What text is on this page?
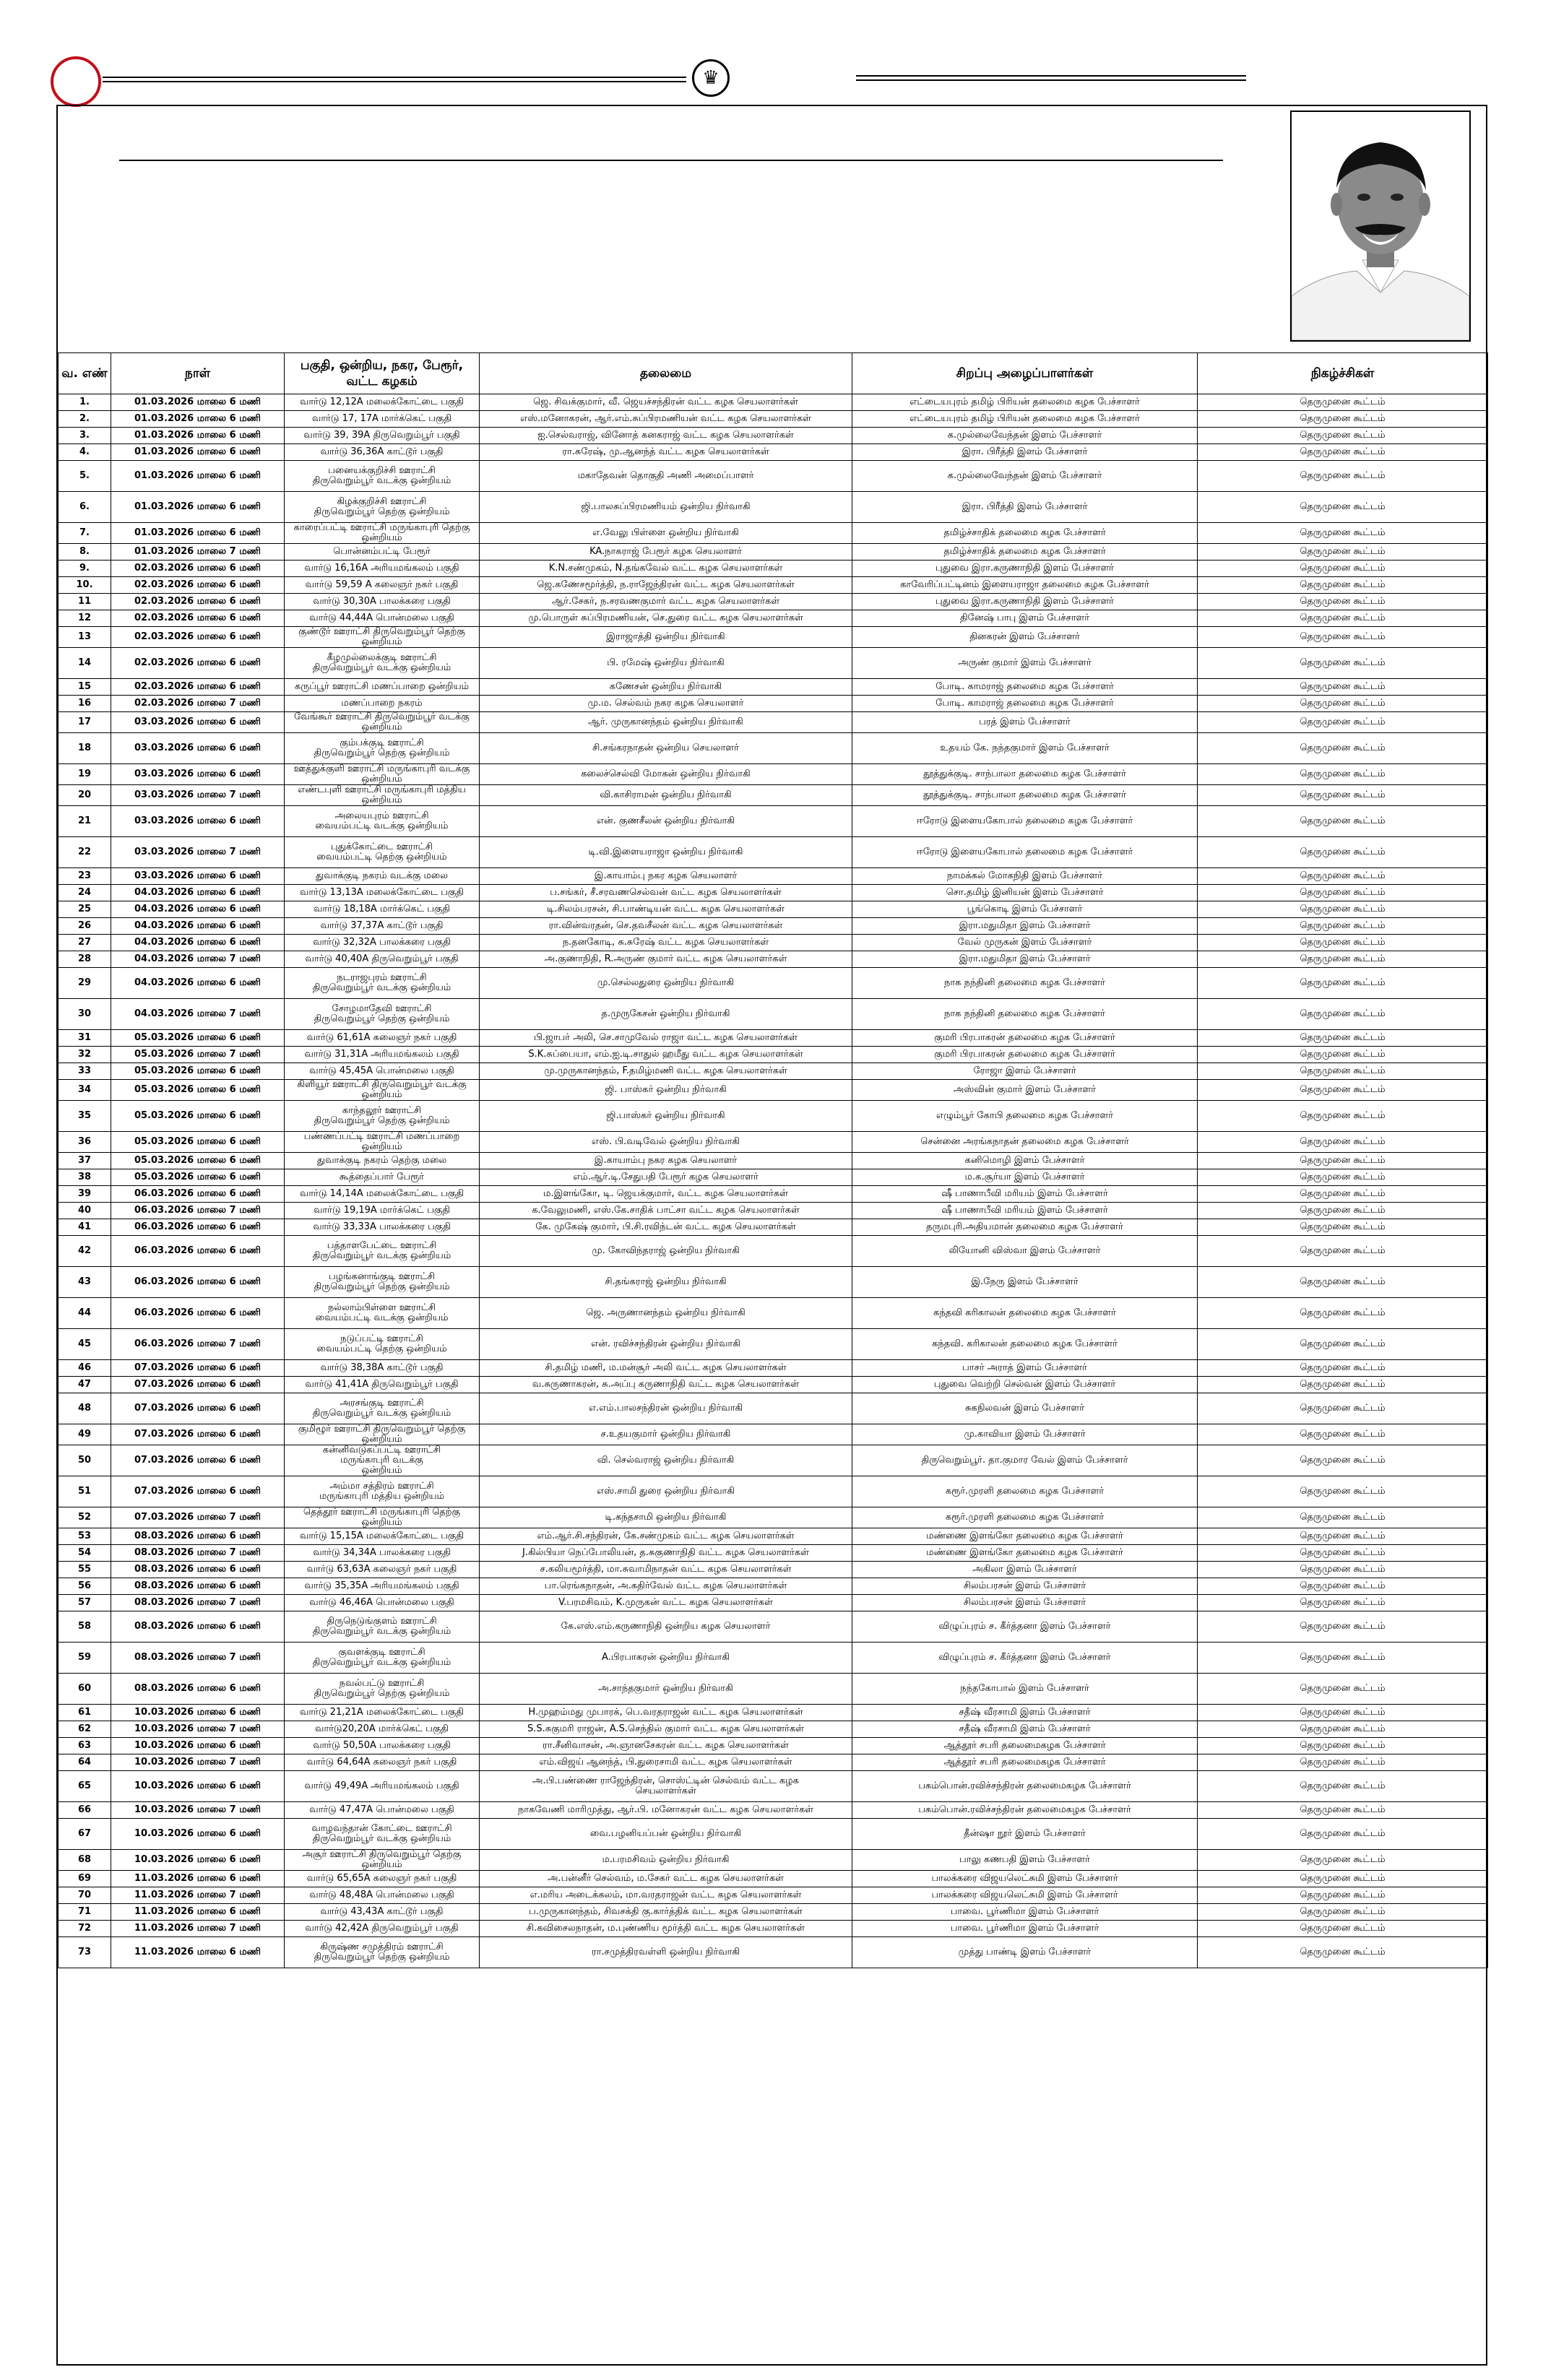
♛
வ. எண்	நாள்	பகுதி, ஒன்றிய, நகர, பேரூர், வட்ட கழகம்	தலைமை	சிறப்பு அழைப்பாளர்கள்	நிகழ்ச்சிகள்
1.	01.03.2026 மாலை 6 மணி	வார்டு 12,12A மலைக்கோட்டை பகுதி	ஜெ. சிவக்குமார், வீ. ஜெயச்சந்திரன் வட்ட கழக செயலாளர்கள்	எட்டையபுரம் தமிழ் பிரியன் தலைமை கழக பேச்சாளர்	தெருமுனை கூட்டம்
2.	01.03.2026 மாலை 6 மணி	வார்டு 17, 17A மார்க்கெட் பகுதி	எஸ்.மனோகரன், ஆர்.எம்.சுப்பிரமணியன் வட்ட கழக செயலாளர்கள்	எட்டையபுரம் தமிழ் பிரியன் தலைமை கழக பேச்சாளர்	தெருமுனை கூட்டம்
3.	01.03.2026 மாலை 6 மணி	வார்டு 39, 39A திருவெறும்பூர் பகுதி	ஐ.செல்வராஜ், வினோத் கனகராஜ் வட்ட கழக செயலாளர்கள்	க.முல்லைவேந்தன் இளம் பேச்சாளர்	தெருமுனை கூட்டம்
4.	01.03.2026 மாலை 6 மணி	வார்டு 36,36A காட்டூர் பகுதி	ரா.சுரேஷ், மு.ஆனந்த் வட்ட கழக செயலாளர்கள்	இரா. பிரீத்தி இளம் பேச்சாளர்	தெருமுனை கூட்டம்
5.	01.03.2026 மாலை 6 மணி	பனையக்குறிச்சி ஊராட்சி
திருவெறும்பூர் வடக்கு ஒன்றியம்	மகாதேவன் தொகுதி அணி அமைப்பாளர்	க.முல்லைவேந்தன் இளம் பேச்சாளர்	தெருமுனை கூட்டம்
6.	01.03.2026 மாலை 6 மணி	கிழக்குறிச்சி ஊராட்சி
திருவெறும்பூர் தெற்கு ஒன்றியம்	ஜி.பாலசுப்பிரமணியம் ஒன்றிய நிர்வாகி	இரா. பிரீத்தி இளம் பேச்சாளர்	தெருமுனை கூட்டம்
7.	01.03.2026 மாலை 6 மணி	காரைப்பட்டி ஊராட்சி மருங்காபுரி தெற்கு ஒன்றியம்	எ.வேலு பிள்ளை ஒன்றிய நிர்வாகி	தமிழ்ச்சாதிக் தலைமை கழக பேச்சாளர்	தெருமுனை கூட்டம்
8.	01.03.2026 மாலை 7 மணி	பொன்னம்பட்டி பேரூர்	KA.நாகராஜ் பேரூர் கழக செயலாளர்	தமிழ்ச்சாதிக் தலைமை கழக பேச்சாளர்	தெருமுனை கூட்டம்
9.	02.03.2026 மாலை 6 மணி	வார்டு 16,16A அரியமங்கலம் பகுதி	K.N.சண்முகம், N.தங்கவேல் வட்ட கழக செயலாளர்கள்	புதுவை இரா.கருணாநிதி இளம் பேச்சாளர்	தெருமுனை கூட்டம்
10.	02.03.2026 மாலை 6 மணி	வார்டு 59,59 A கலைஞர் நகர் பகுதி	ஜெ.கணேசமூர்த்தி, ந.ராஜேந்திரன் வட்ட கழக செயலாளர்கள்	காவேரிப்பட்டினம் இளையராஜா தலைமை கழக பேச்சாளர்	தெருமுனை கூட்டம்
11	02.03.2026 மாலை 6 மணி	வார்டு 30,30A பாலக்கரை பகுதி	ஆர்.சேகர், ந.சரவணகுமார் வட்ட கழக செயலாளர்கள்	புதுவை இரா.கருணாநிதி இளம் பேச்சாளர்	தெருமுனை கூட்டம்
12	02.03.2026 மாலை 6 மணி	வார்டு 44,44A பொன்மலை பகுதி	மு.பொருள் சுப்பிரமணியன், செ.துரை வட்ட கழக செயலாளர்கள்	தினேஷ் பாபு இளம் பேச்சாளர்	தெருமுனை கூட்டம்
13	02.03.2026 மாலை 6 மணி	குண்டூர் ஊராட்சி திருவெறும்பூர் தெற்கு ஒன்றியம்	இராஜாத்தி ஒன்றிய நிர்வாகி	தினகரன் இளம் பேச்சாளர்	தெருமுனை கூட்டம்
14	02.03.2026 மாலை 6 மணி	கீழமுல்லைக்குடி ஊராட்சி
திருவெறும்பூர் வடக்கு ஒன்றியம்	பி. ரமேஷ் ஒன்றிய நிர்வாகி	அருண் குமார் இளம் பேச்சாளர்	தெருமுனை கூட்டம்
15	02.03.2026 மாலை 6 மணி	கருப்பூர் ஊராட்சி மணப்பாறை ஒன்றியம்	கணேசன் ஒன்றிய நிர்வாகி	போடி. காமராஜ் தலைமை கழக பேச்சாளர்	தெருமுனை கூட்டம்
16	02.03.2026 மாலை 7 மணி	மணப்பாறை நகரம்	மு.ம. செல்வம் நகர கழக செயலாளர்	போடி. காமராஜ் தலைமை கழக பேச்சாளர்	தெருமுனை கூட்டம்
17	03.03.2026 மாலை 6 மணி	வேங்கூர் ஊராட்சி திருவெறும்பூர் வடக்கு ஒன்றியம்	ஆர். முருகானந்தம் ஒன்றிய நிர்வாகி	பரத் இளம் பேச்சாளர்	தெருமுனை கூட்டம்
18	03.03.2026 மாலை 6 மணி	கும்பக்குடி ஊராட்சி
திருவெறும்பூர் தெற்கு ஒன்றியம்	சி.சங்கரநாதன் ஒன்றிய செயலாளர்	உதயம் கே. நந்தகுமார் இளம் பேச்சாளர்	தெருமுனை கூட்டம்
19	03.03.2026 மாலை 6 மணி	ஊத்துக்குளி ஊராட்சி மருங்காபுரி வடக்கு ஒன்றியம்	கலைச்செல்வி மோகன் ஒன்றிய நிர்வாகி	தூத்துக்குடி. சாந்பாலா தலைமை கழக பேச்சாளர்	தெருமுனை கூட்டம்
20	03.03.2026 மாலை 7 மணி	எண்டபுளி ஊராட்சி மருங்காபுரி மத்திய ஒன்றியம்	வி.காசிராமன் ஒன்றிய நிர்வாகி	தூத்துக்குடி. சாந்பாலா தலைமை கழக பேச்சாளர்	தெருமுனை கூட்டம்
21	03.03.2026 மாலை 6 மணி	அலையபுரம் ஊராட்சி
வையம்பட்டி வடக்கு ஒன்றியம்	என். குணசீலன் ஒன்றிய நிர்வாகி	ஈரோடு இளையகோபால் தலைமை கழக பேச்சாளர்	தெருமுனை கூட்டம்
22	03.03.2026 மாலை 7 மணி	புதுக்கோட்டை ஊராட்சி
வையம்பட்டி தெற்கு ஒன்றியம்	டி.வி.இளையராஜா ஒன்றிய நிர்வாகி	ஈரோடு இளையகோபால் தலைமை கழக பேச்சாளர்	தெருமுனை கூட்டம்
23	03.03.2026 மாலை 6 மணி	துவாக்குடி நகரம் வடக்கு மலை	இ.காயாம்பு நகர கழக செயலாளர்	நாமக்கல் மோகநிதி இளம் பேச்சாளர்	தெருமுனை கூட்டம்
24	04.03.2026 மாலை 6 மணி	வார்டு 13,13A மலைக்கோட்டை பகுதி	ப.சங்கர், சீ.சரவணசெல்வன் வட்ட கழக செயலாளர்கள்	சொ.தமிழ் இனியன் இளம் பேச்சாளர்	தெருமுனை கூட்டம்
25	04.03.2026 மாலை 6 மணி	வார்டு 18,18A மார்க்கெட் பகுதி	டி.சிலம்பரசன், சி.பாண்டியன் வட்ட கழக செயலாளர்கள்	பூங்கொடி இளம் பேச்சாளர்	தெருமுனை கூட்டம்
26	04.03.2026 மாலை 6 மணி	வார்டு 37,37A காட்டூர் பகுதி	ரா.வின்வரதன், செ.தவசீலன் வட்ட கழக செயலாளர்கள்	இரா.மதுமிதா இளம் பேச்சாளர்	தெருமுனை கூட்டம்
27	04.03.2026 மாலை 6 மணி	வார்டு 32,32A பாலக்கரை பகுதி	ந.தனகோடி, சு.சுரேஷ் வட்ட கழக செயலாளர்கள்	வேல் முருகன் இளம் பேச்சாளர்	தெருமுனை கூட்டம்
28	04.03.2026 மாலை 7 மணி	வார்டு 40,40A திருவெறும்பூர் பகுதி	அ.குணாநிதி, R.அருண் குமார் வட்ட கழக செயலாளர்கள்	இரா.மதுமிதா இளம் பேச்சாளர்	தெருமுனை கூட்டம்
29	04.03.2026 மாலை 6 மணி	நடராஜபுரம் ஊராட்சி
திருவெறும்பூர் வடக்கு ஒன்றியம்	மு.செல்லதுரை ஒன்றிய நிர்வாகி	நாக நந்தினி தலைமை கழக பேச்சாளர்	தெருமுனை கூட்டம்
30	04.03.2026 மாலை 7 மணி	சோழமாதேவி ஊராட்சி
திருவெறும்பூர் தெற்கு ஒன்றியம்	த.முருகேசன் ஒன்றிய நிர்வாகி	நாக நந்தினி தலைமை கழக பேச்சாளர்	தெருமுனை கூட்டம்
31	05.03.2026 மாலை 6 மணி	வார்டு 61,61A கலைஞர் நகர் பகுதி	பி.ஜாபர் அலி, செ.சாமுவேல் ராஜா வட்ட கழக செயலாளர்கள்	குமரி பிரபாகரன் தலைமை கழக பேச்சாளர்	தெருமுனை கூட்டம்
32	05.03.2026 மாலை 7 மணி	வார்டு 31,31A அரியமங்கலம் பகுதி	S.K.சுப்பையா, எம்.ஐ.டி.சாதுல் ஹமீது வட்ட கழக செயலாளர்கள்	குமரி பிரபாகரன் தலைமை கழக பேச்சாளர்	தெருமுனை கூட்டம்
33	05.03.2026 மாலை 6 மணி	வார்டு 45,45A பொன்மலை பகுதி	மு.முருகானந்தம், F.தமிழ்மணி வட்ட கழக செயலாளர்கள்	ரோஜா இளம் பேச்சாளர்	தெருமுனை கூட்டம்
34	05.03.2026 மாலை 6 மணி	கிளியூர் ஊராட்சி திருவெறும்பூர் வடக்கு ஒன்றியம்	ஜி. பாஸ்கர் ஒன்றிய நிர்வாகி	அஸ்வின் குமார் இளம் பேச்சாளர்	தெருமுனை கூட்டம்
35	05.03.2026 மாலை 6 மணி	காந்தலூர் ஊராட்சி
திருவெறும்பூர் தெற்கு ஒன்றியம்	ஜி.பாஸ்கர் ஒன்றிய நிர்வாகி	எழும்பூர் கோபி தலைமை கழக பேச்சாளர்	தெருமுனை கூட்டம்
36	05.03.2026 மாலை 6 மணி	பண்ணப்பட்டி ஊராட்சி மணப்பாறை ஒன்றியம்	எஸ். பி.வடிவேல் ஒன்றிய நிர்வாகி	சென்னை அரங்கநாதன் தலைமை கழக பேச்சாளர்	தெருமுனை கூட்டம்
37	05.03.2026 மாலை 6 மணி	துவாக்குடி நகரம் தெற்கு மலை	இ.காயாம்பு நகர கழக செயலாளர்	கனிமொழி இளம் பேச்சாளர்	தெருமுனை கூட்டம்
38	05.03.2026 மாலை 6 மணி	கூத்தைப்பார் பேரூர்	எம்.ஆர்.டி.சேதுபதி பேரூர் கழக செயலாளர்	ம.க.சூர்யா இளம் பேச்சாளர்	தெருமுனை கூட்டம்
39	06.03.2026 மாலை 6 மணி	வார்டு 14,14A மலைக்கோட்டை பகுதி	ம.இளங்கோ, டி. ஜெயக்குமார், வட்ட கழக செயலாளர்கள்	ஷீ பாணாபீவி மரியம் இளம் பேச்சாளர்	தெருமுனை கூட்டம்
40	06.03.2026 மாலை 7 மணி	வார்டு 19,19A மார்க்கெட் பகுதி	க.வேலுமணி, எஸ்.கே.சாதிக் பாட்சா வட்ட கழக செயலாளர்கள்	ஷீ பாணாபீவி மரியம் இளம் பேச்சாளர்	தெருமுனை கூட்டம்
41	06.03.2026 மாலை 6 மணி	வார்டு 33,33A பாலக்கரை பகுதி	கே. முகேஷ் குமார், பி.சி.ரவிந்டன் வட்ட கழக செயலாளர்கள்	தருமபுரி.அதியமான் தலைமை கழக பேச்சாளர்	தெருமுனை கூட்டம்
42	06.03.2026 மாலை 6 மணி	பத்தாளபேட்டை ஊராட்சி
திருவெறும்பூர் வடக்கு ஒன்றியம்	மு. கோவிந்தராஜ் ஒன்றிய நிர்வாகி	லியோனி விஸ்வா இளம் பேச்சாளர்	தெருமுனை கூட்டம்
43	06.03.2026 மாலை 6 மணி	பழங்கனாங்குடி ஊராட்சி
திருவெறும்பூர் தெற்கு ஒன்றியம்	சி.தங்கராஜ் ஒன்றிய நிர்வாகி	இ.நேரு இளம் பேச்சாளர்	தெருமுனை கூட்டம்
44	06.03.2026 மாலை 6 மணி	நல்லாம்பிள்ளை ஊராட்சி
வையம்பட்டி வடக்கு ஒன்றியம்	ஜெ. அருணானந்தம் ஒன்றிய நிர்வாகி	கந்தவி கரிகாலன் தலைமை கழக பேச்சாளர்	தெருமுனை கூட்டம்
45	06.03.2026 மாலை 7 மணி	நடுப்பட்டி ஊராட்சி
வையம்பட்டி தெற்கு ஒன்றியம்	என். ரவிச்சந்திரன் ஒன்றிய நிர்வாகி	கந்தவி. கரிகாலன் தலைமை கழக பேச்சாளர்	தெருமுனை கூட்டம்
46	07.03.2026 மாலை 6 மணி	வார்டு 38,38A காட்டூர் பகுதி	சி.தமிழ் மணி, ம.மன்சூர் அலி வட்ட கழக செயலாளர்கள்	பாசர் அராத் இளம் பேச்சாளர்	தெருமுனை கூட்டம்
47	07.03.2026 மாலை 6 மணி	வார்டு 41,41A திருவெறும்பூர் பகுதி	வ.சுருணாகரன், சு.அப்பு கருணாநிதி வட்ட கழக செயலாளர்கள்	புதுவை வெற்றி செல்வன் இளம் பேச்சாளர்	தெருமுனை கூட்டம்
48	07.03.2026 மாலை 6 மணி	அரசங்குடி ஊராட்சி
திருவெறும்பூர் வடக்கு ஒன்றியம்	எ.எம்.பாலசந்திரன் ஒன்றிய நிர்வாகி	சுகநிலவன் இளம் பேச்சாளர்	தெருமுனை கூட்டம்
49	07.03.2026 மாலை 6 மணி	குமிழூர் ஊராட்சி திருவெறும்பூர் தெற்கு ஒன்றியம்	ச.உதயகுமார் ஒன்றிய நிர்வாகி	மு.காவியா இளம் பேச்சாளர்	தெருமுனை கூட்டம்
50	07.03.2026 மாலை 6 மணி	கன்னிவடுகப்பட்டி ஊராட்சி
மருங்காபுரி வடக்கு
ஒன்றியம்	வி. செல்வராஜ் ஒன்றிய நிர்வாகி	திருவெறும்பூர். தா.குமார வேல் இளம் பேச்சாளர்	தெருமுனை கூட்டம்
51	07.03.2026 மாலை 6 மணி	அம்மா சத்திரம் ஊராட்சி
மருங்காபுரி மத்திய ஒன்றியம்	எஸ்.சாமி துரை ஒன்றிய நிர்வாகி	கரூர்.முரளி தலைமை கழக பேச்சாளர்	தெருமுனை கூட்டம்
52	07.03.2026 மாலை 7 மணி	தெத்தூர் ஊராட்சி மருங்காபுரி தெற்கு ஒன்றியம்	டி.கந்தசாமி ஒன்றிய நிர்வாகி	கரூர்.முரளி தலைமை கழக பேச்சாளர்	தெருமுனை கூட்டம்
53	08.03.2026 மாலை 6 மணி	வார்டு 15,15A மலைக்கோட்டை பகுதி	எம்.ஆர்.சி.சந்திரன், கே.சண்முகம் வட்ட கழக செயலாளர்கள்	மண்ணை இளங்கோ தலைமை கழக பேச்சாளர்	தெருமுனை கூட்டம்
54	08.03.2026 மாலை 7 மணி	வார்டு 34,34A பாலக்கரை பகுதி	J.கில்பியா நெப்போலியன், த.சுகுணாநிதி வட்ட கழக செயலாளர்கள்	மண்ணை இளங்கோ தலைமை கழக பேச்சாளர்	தெருமுனை கூட்டம்
55	08.03.2026 மாலை 6 மணி	வார்டு 63,63A கலைஞர் நகர் பகுதி	ச.கலியமூர்த்தி, மா.சுவாமிநாதன் வட்ட கழக செயலாளர்கள்	அகிலா இளம் பேச்சாளர்	தெருமுனை கூட்டம்
56	08.03.2026 மாலை 6 மணி	வார்டு 35,35A அரியமங்கலம் பகுதி	பா.ரெங்கநாதன், அ.கதிர்வேல் வட்ட கழக செயலாளர்கள்	சிலம்பரசன் இளம் பேச்சாளர்	தெருமுனை கூட்டம்
57	08.03.2026 மாலை 7 மணி	வார்டு 46,46A பொன்மலை பகுதி	V.பரமசிவம், K.முருகன் வட்ட கழக செயலாளர்கள்	சிலம்பரசன் இளம் பேச்சாளர்	தெருமுனை கூட்டம்
58	08.03.2026 மாலை 6 மணி	திருநெடுங்குளம் ஊராட்சி
திருவெறும்பூர் வடக்கு ஒன்றியம்	கே.எஸ்.எம்.கருணாநிதி ஒன்றிய கழக செயலாளர்	விழுப்புரம் ச. கீர்த்தனா இளம் பேச்சாளர்	தெருமுனை கூட்டம்
59	08.03.2026 மாலை 7 மணி	குவளக்குடி ஊராட்சி
திருவெறும்பூர் வடக்கு ஒன்றியம்	A.பிரபாகரன் ஒன்றிய நிர்வாகி	விழுப்புரம் ச. கீர்த்தனா இளம் பேச்சாளர்	தெருமுனை கூட்டம்
60	08.03.2026 மாலை 6 மணி	நவல்பட்டு ஊராட்சி
திருவெறும்பூர் தெற்கு ஒன்றியம்	அ.சாந்தகுமார் ஒன்றிய நிர்வாகி	நந்தகோபால் இளம் பேச்சாளர்	தெருமுனை கூட்டம்
61	10.03.2026 மாலை 6 மணி	வார்டு 21,21A மலைக்கோட்டை பகுதி	H.முஹம்மது முபாரக், பெ.வரதராஜன் வட்ட கழக செயலாளர்கள்	சதீஷ் வீரசாமி இளம் பேச்சாளர்	தெருமுனை கூட்டம்
62	10.03.2026 மாலை 7 மணி	வார்டு20,20A மார்க்கெட் பகுதி	S.S.சுகுமரி ராஜன், A.S.செந்தில் குமார் வட்ட கழக செயலாளர்கள்	சதீஷ் வீரசாமி இளம் பேச்சாளர்	தெருமுனை கூட்டம்
63	10.03.2026 மாலை 6 மணி	வார்டு 50,50A பாலக்கரை பகுதி	ரா.சீனிவாசன், அ.ஞானசேகரன் வட்ட கழக செயலாளர்கள்	ஆத்தூர் சபரி தலைமைகழக பேச்சாளர்	தெருமுனை கூட்டம்
64	10.03.2026 மாலை 7 மணி	வார்டு 64,64A கலைஞர் நகர் பகுதி	எம்.விஜய் ஆனந்த், பி.துரைசாமி வட்ட கழக செயலாளர்கள்	ஆத்தூர் சபரி தலைமைகழக பேச்சாளர்	தெருமுனை கூட்டம்
65	10.03.2026 மாலை 6 மணி	வார்டு 49,49A அரியமங்கலம் பகுதி	அ.பி.பண்ணை ராஜேந்திரன், சொஸ்ட்டின் செல்வம் வட்ட கழக
செயலாளர்கள்	பகம்பொன்.ரவிச்சந்திரன் தலைமைகழக பேச்சாளர்	தெருமுனை கூட்டம்
66	10.03.2026 மாலை 7 மணி	வார்டு 47,47A பொன்மலை பகுதி	நாகவேணி மாரிமுத்து, ஆர்.பி. மனோகரன் வட்ட கழக செயலாளர்கள்	பகம்பொன்.ரவிச்சந்திரன் தலைமைகழக பேச்சாளர்	தெருமுனை கூட்டம்
67	10.03.2026 மாலை 6 மணி	வாழவந்தான் கோட்டை ஊராட்சி
திருவெறும்பூர் வடக்கு ஒன்றியம்	வை.பழனியப்பன் ஒன்றிய நிர்வாகி	தீன்ஷா நூர் இளம் பேச்சாளர்	தெருமுனை கூட்டம்
68	10.03.2026 மாலை 6 மணி	அசூர் ஊராட்சி திருவெறும்பூர் தெற்கு ஒன்றியம்	ம.பரமசிவம் ஒன்றிய நிர்வாகி	பாலு கணபதி இளம் பேச்சாளர்	தெருமுனை கூட்டம்
69	11.03.2026 மாலை 6 மணி	வார்டு 65,65A கலைஞர் நகர் பகுதி	அ.பன்னீர் செல்வம், ம.சேகர் வட்ட கழக செயலாளர்கள்	பாலக்கரை விஜயலெட்சுமி இளம் பேச்சாளர்	தெருமுனை கூட்டம்
70	11.03.2026 மாலை 7 மணி	வார்டு 48,48A பொன்மலை பகுதி	எ.மரிய அடைக்கலம், மா.வரதராஜன் வட்ட கழக செயலாளர்கள்	பாலக்கரை விஜயலெட்சுமி இளம் பேச்சாளர்	தெருமுனை கூட்டம்
71	11.03.2026 மாலை 6 மணி	வார்டு 43,43A காட்டூர் பகுதி	ப.முருகானந்தம், சிவசக்தி கு.கார்த்திக் வட்ட கழக செயலாளர்கள்	பாவை. பூர்ணிமா இளம் பேச்சாளர்	தெருமுனை கூட்டம்
72	11.03.2026 மாலை 7 மணி	வார்டு 42,42A திருவெறும்பூர் பகுதி	சி.கவிசைலநாதன், ம.புண்ணிய மூர்த்தி வட்ட கழக செயலாளர்கள்	பாவை. பூர்ணிமா இளம் பேச்சாளர்	தெருமுனை கூட்டம்
73	11.03.2026 மாலை 6 மணி	கிருஷ்ண சமுத்திரம் ஊராட்சி
திருவெறும்பூர் தெற்கு ஒன்றியம்	ரா.சமுத்திரவள்ளி ஒன்றிய நிர்வாகி	முத்து பாண்டி இளம் பேச்சாளர்	தெருமுனை கூட்டம்
